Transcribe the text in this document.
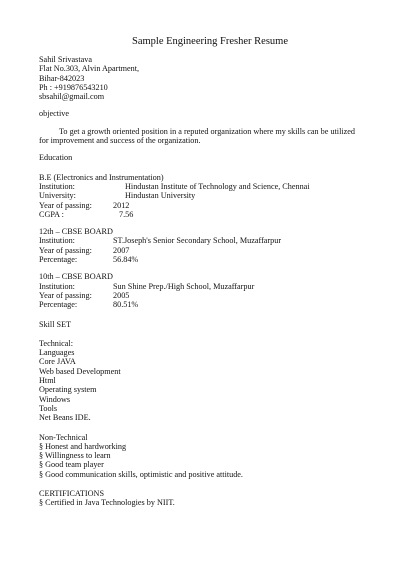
Sample Engineering Fresher Resume
Sahil Srivastava
Flat No.303, Alvin Apartment,
Bihar-842023
Ph : +919876543210
sbsahil@gmail.com
objective
To get a growth oriented position in a reputed organization where my skills can be utilized
for improvement and success of the organization.
Education
B.E (Electronics and Instrumentation)
Institution:	Hindustan Institute of Technology and Science, Chennai
University:	Hindustan University
Year of passing:	2012
CGPA :	7.56
12th – CBSE BOARD
Institution:	ST.Joseph's Senior Secondary School, Muzaffarpur
Year of passing:	2007
Percentage:	56.84%
10th – CBSE BOARD
Institution:	Sun Shine Prep./High School, Muzaffarpur
Year of passing:	2005
Percentage:	80.51%
Skill SET
Technical:
Languages
Core JAVA
Web based Development
Html
Operating system
Windows
Tools
Net Beans IDE.
Non-Technical
§ Honest and hardworking
§ Willingness to learn
§ Good team player
§ Good communication skills, optimistic and positive attitude.
CERTIFICATIONS
§ Certified in Java Technologies by NIIT.
